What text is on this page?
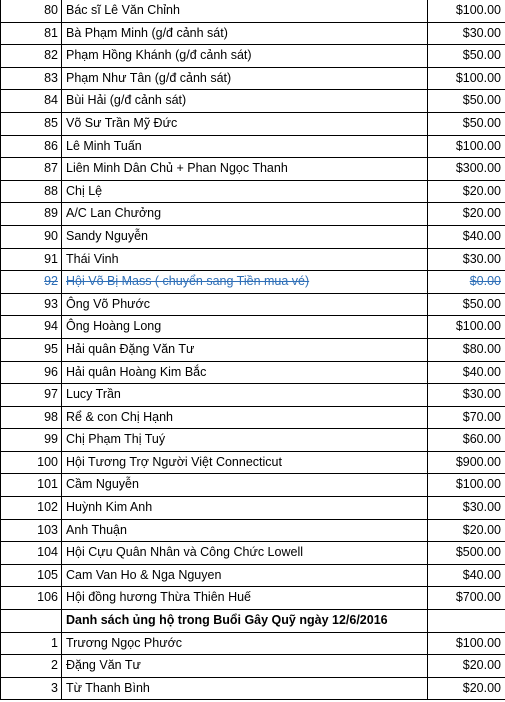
80	Bác sĩ Lê Văn Chỉnh	$100.00
81	Bà Phạm Minh (g/đ cảnh sát)	$30.00
82	Phạm Hồng Khánh (g/đ cảnh sát)	$50.00
83	Phạm Như Tân (g/đ cảnh sát)	$100.00
84	Bùi Hải (g/đ cảnh sát)	$50.00
85	Võ Sư Trần Mỹ Đức	$50.00
86	Lê Minh Tuấn	$100.00
87	Liên Minh Dân Chủ + Phan Ngọc Thanh	$300.00
88	Chị Lệ	$20.00
89	A/C Lan Chưởng	$20.00
90	Sandy Nguyễn	$40.00
91	Thái Vinh	$30.00
92	Hội Võ Bị Mass ( chuyển sang Tiền mua vé)	$0.00
93	Ông Võ Phước	$50.00
94	Ông Hoàng Long	$100.00
95	Hải quân Đặng Văn Tư	$80.00
96	Hải quân Hoàng Kim Bắc	$40.00
97	Lucy Trần	$30.00
98	Rể & con Chị Hạnh	$70.00
99	Chị Phạm Thị Tuý	$60.00
100	Hội Tương Trợ Người Việt Connecticut	$900.00
101	Cầm Nguyễn	$100.00
102	Huỳnh Kim Anh	$30.00
103	Anh Thuận	$20.00
104	Hội Cựu Quân Nhân và Công Chức Lowell	$500.00
105	Cam Van Ho & Nga Nguyen	$40.00
106	Hội đồng hương Thừa Thiên Huế	$700.00
	Danh sách ủng hộ trong Buổi Gây Quỹ ngày 12/6/2016	
1	Trương Ngọc Phước	$100.00
2	Đặng Văn Tư	$20.00
3	Từ Thanh Bình	$20.00
